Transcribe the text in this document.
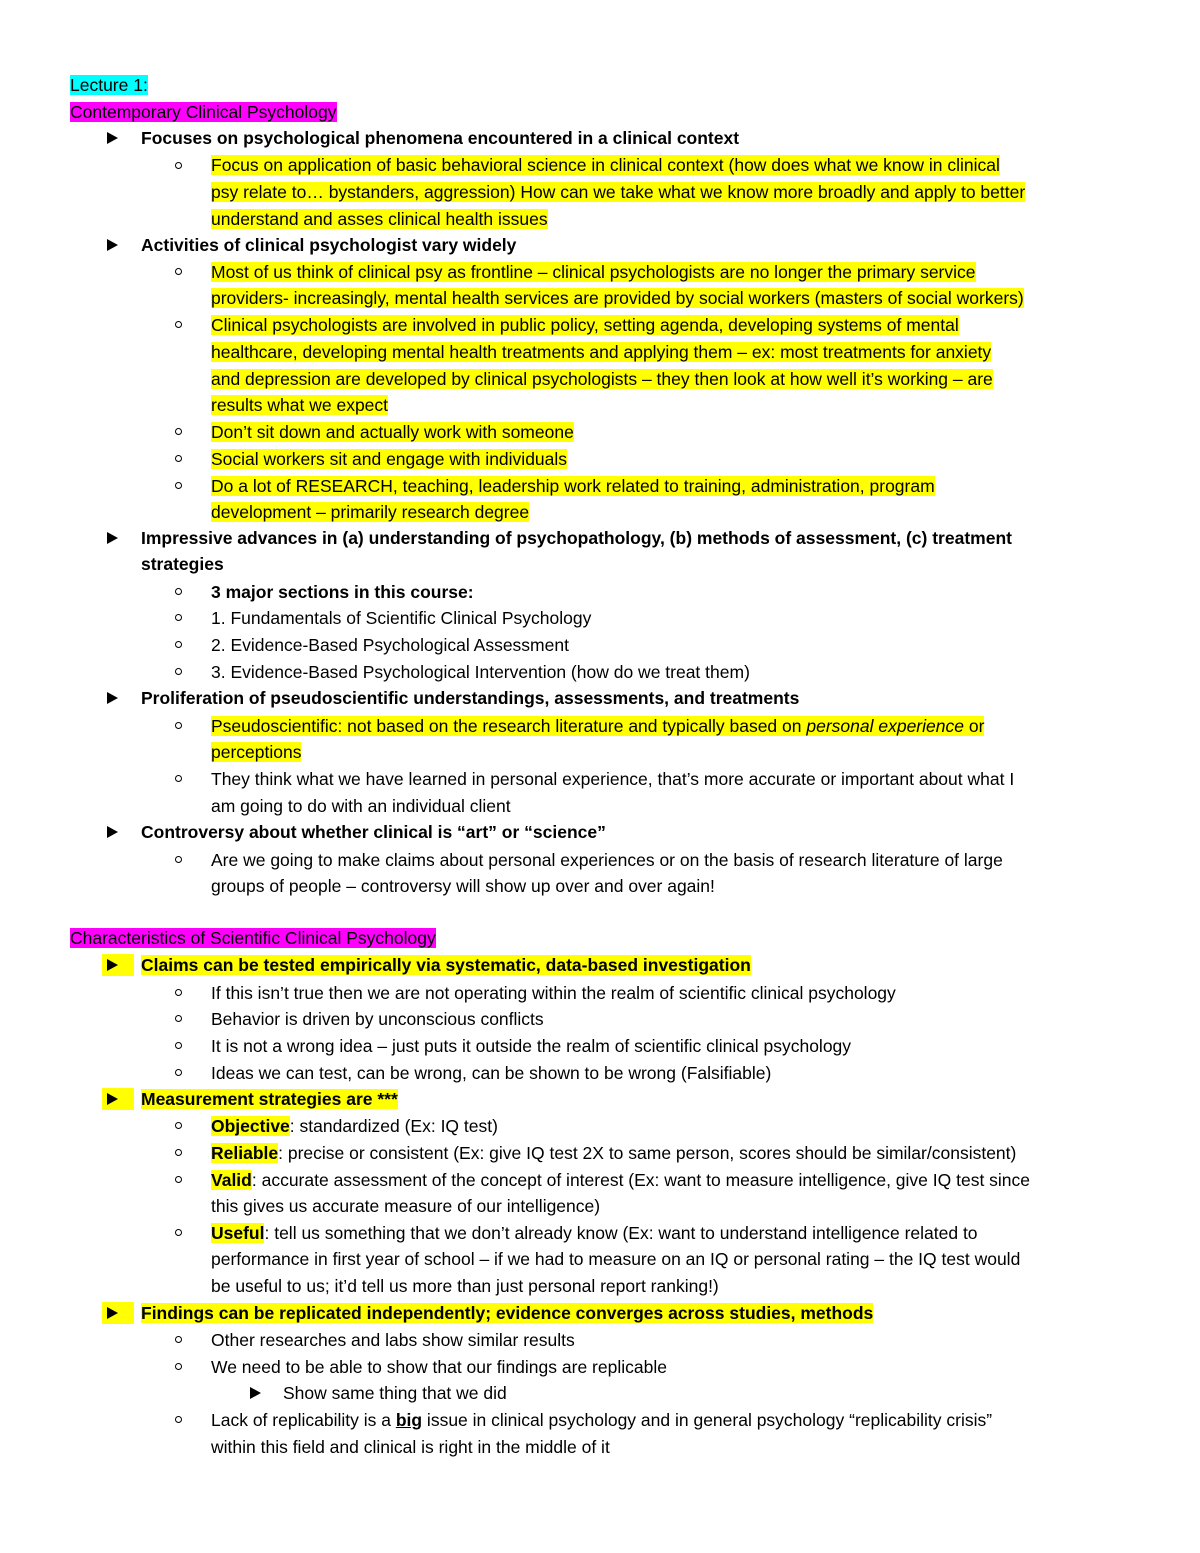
Lecture 1:
Contemporary Clinical Psychology
Focuses on psychological phenomena encountered in a clinical context
Focus on application of basic behavioral science in clinical context (how does what we know in clinical
psy relate to… bystanders, aggression) How can we take what we know more broadly and apply to better
understand and asses clinical health issues
Activities of clinical psychologist vary widely
Most of us think of clinical psy as frontline – clinical psychologists are no longer the primary service
providers- increasingly, mental health services are provided by social workers (masters of social workers)
Clinical psychologists are involved in public policy, setting agenda, developing systems of mental
healthcare, developing mental health treatments and applying them – ex: most treatments for anxiety
and depression are developed by clinical psychologists – they then look at how well it’s working – are
results what we expect
Don’t sit down and actually work with someone
Social workers sit and engage with individuals
Do a lot of RESEARCH, teaching, leadership work related to training, administration, program
development – primarily research degree
Impressive advances in (a) understanding of psychopathology, (b) methods of assessment, (c) treatment
strategies
3 major sections in this course:
1. Fundamentals of Scientific Clinical Psychology
2. Evidence-Based Psychological Assessment
3. Evidence-Based Psychological Intervention (how do we treat them)
Proliferation of pseudoscientific understandings, assessments, and treatments
Pseudoscientific: not based on the research literature and typically based on personal experience or
perceptions
They think what we have learned in personal experience, that’s more accurate or important about what I
am going to do with an individual client
Controversy about whether clinical is “art” or “science”
Are we going to make claims about personal experiences or on the basis of research literature of large
groups of people – controversy will show up over and over again!
Characteristics of Scientific Clinical Psychology
Claims can be tested empirically via systematic, data-based investigation
If this isn’t true then we are not operating within the realm of scientific clinical psychology
Behavior is driven by unconscious conflicts
It is not a wrong idea – just puts it outside the realm of scientific clinical psychology
Ideas we can test, can be wrong, can be shown to be wrong (Falsifiable)
Measurement strategies are ***
Objective: standardized (Ex: IQ test)
Reliable: precise or consistent (Ex: give IQ test 2X to same person, scores should be similar/consistent)
Valid: accurate assessment of the concept of interest (Ex: want to measure intelligence, give IQ test since
this gives us accurate measure of our intelligence)
Useful: tell us something that we don’t already know (Ex: want to understand intelligence related to
performance in first year of school – if we had to measure on an IQ or personal rating – the IQ test would
be useful to us; it’d tell us more than just personal report ranking!)
Findings can be replicated independently; evidence converges across studies, methods
Other researches and labs show similar results
We need to be able to show that our findings are replicable
Show same thing that we did
Lack of replicability is a big issue in clinical psychology and in general psychology “replicability crisis”
within this field and clinical is right in the middle of it
